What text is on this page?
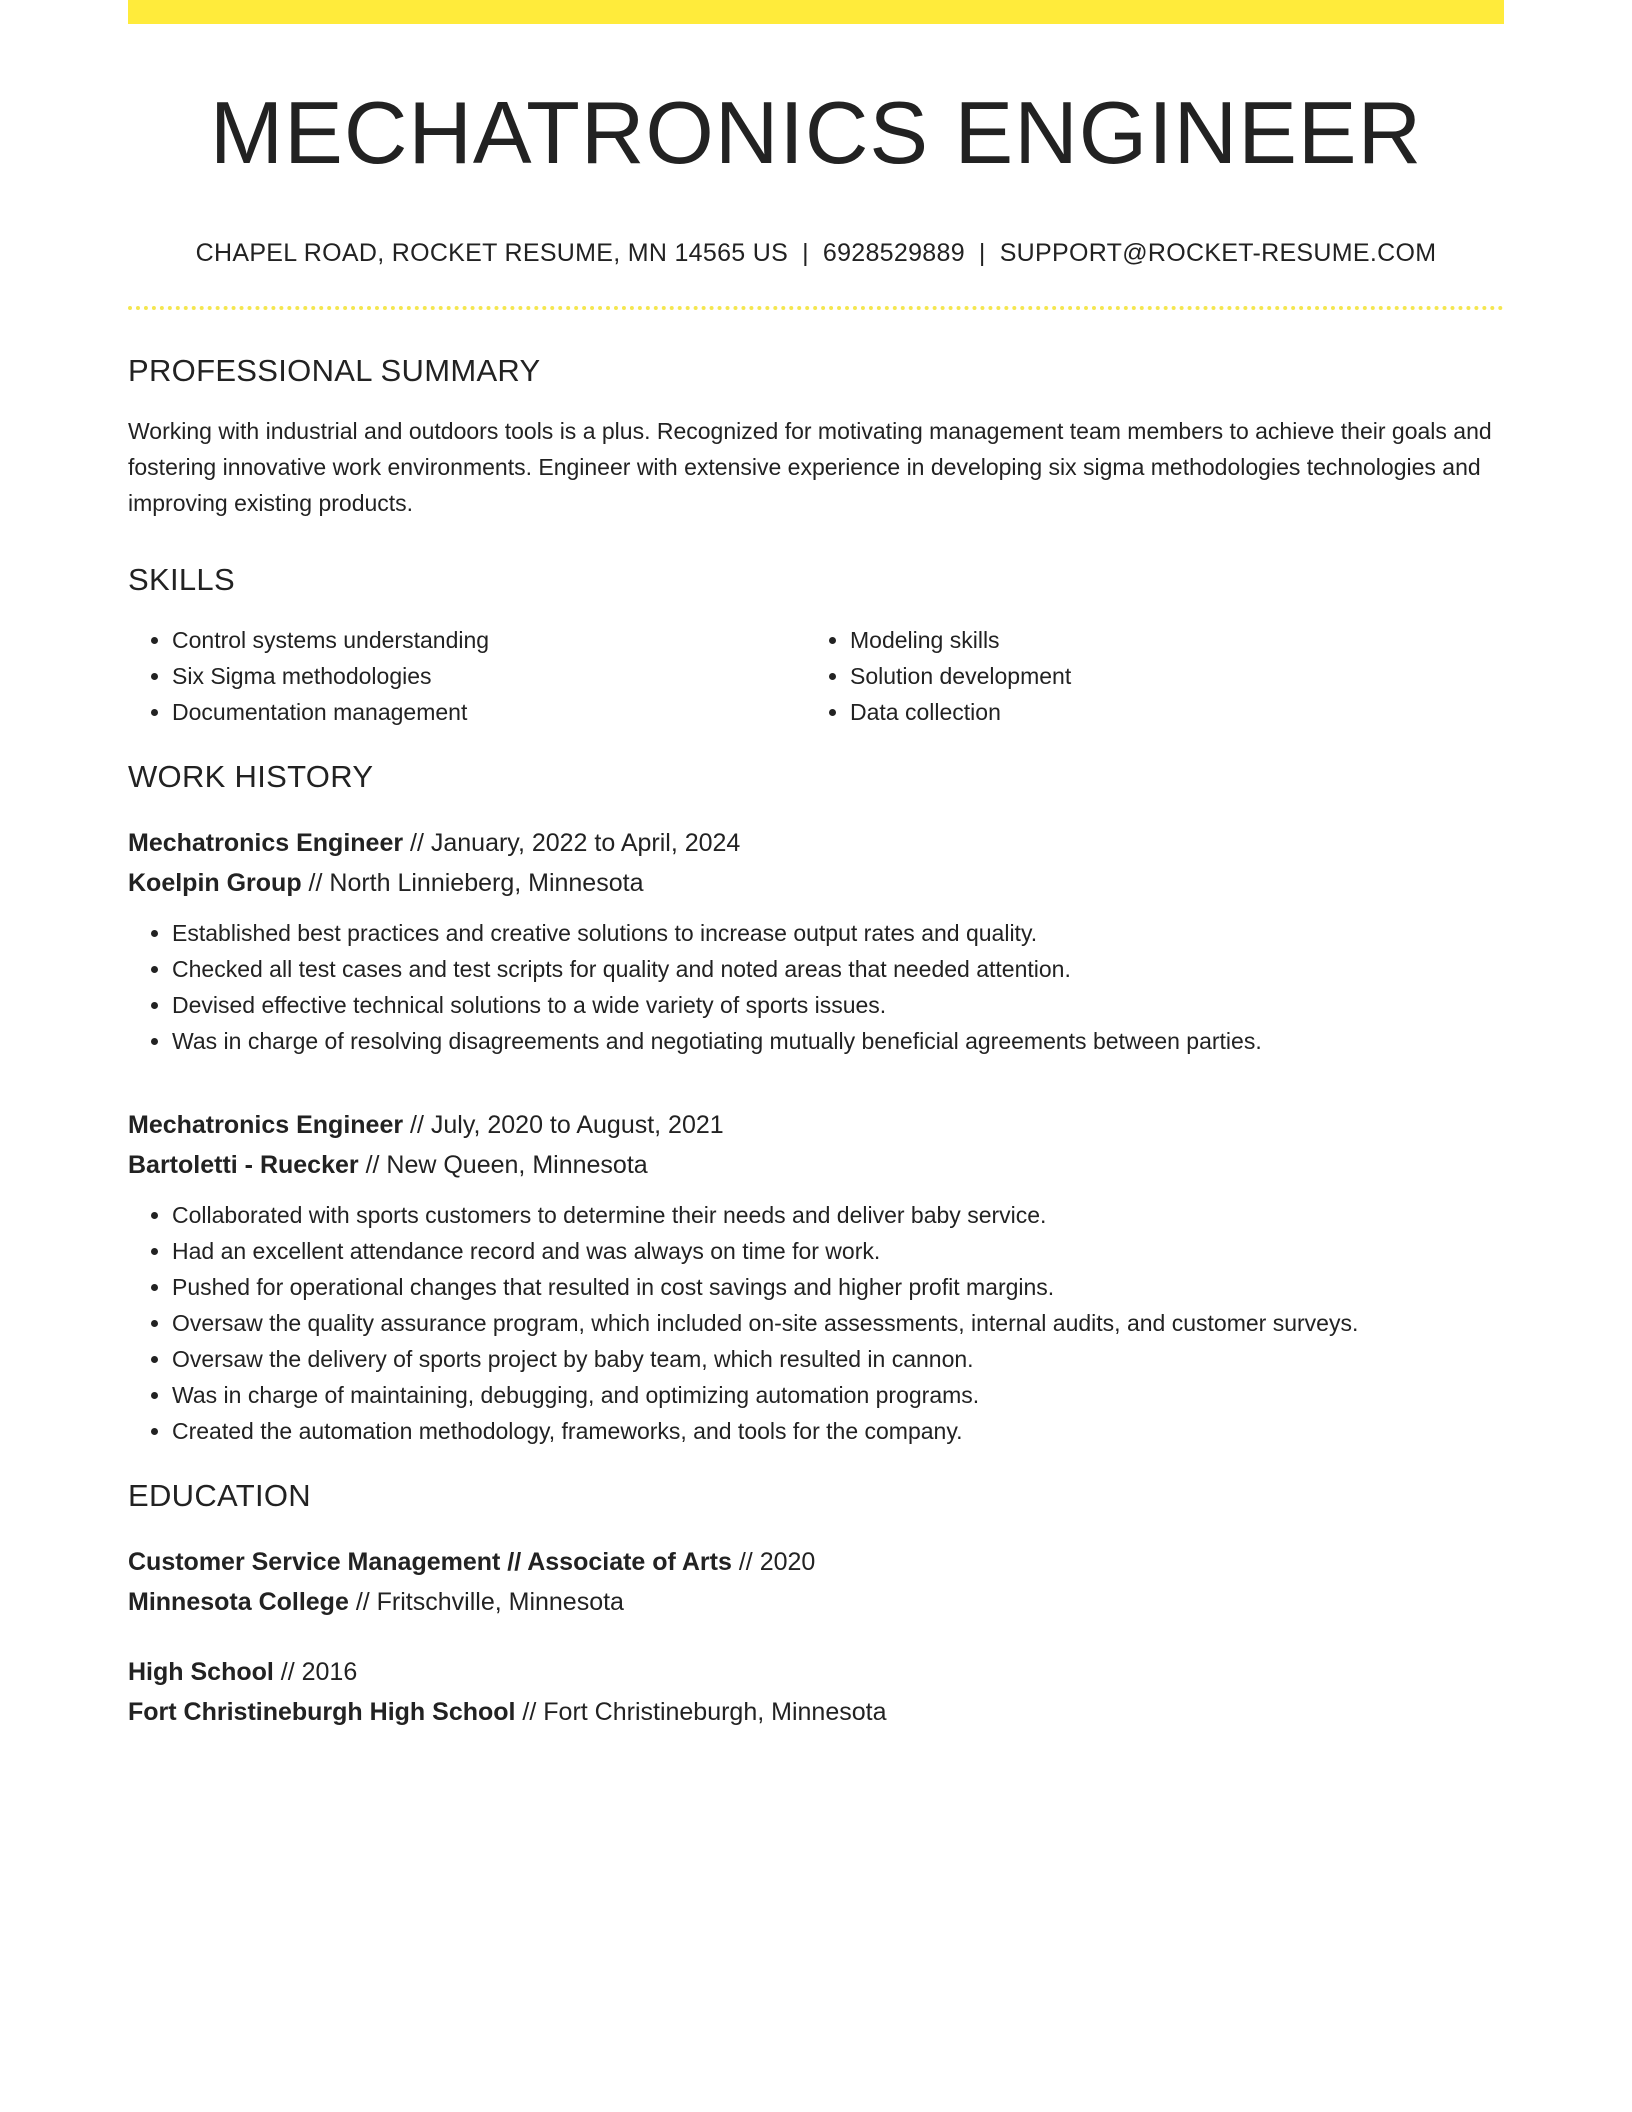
MECHATRONICS ENGINEER
CHAPEL ROAD, ROCKET RESUME, MN 14565 US | 6928529889 | SUPPORT@ROCKET-RESUME.COM
PROFESSIONAL SUMMARY

Working with industrial and outdoors tools is a plus. Recognized for motivating management team members to achieve their goals and fostering innovative work environments. Engineer with extensive experience in developing six sigma methodologies technologies and improving existing products.

SKILLS
• Control systems understanding
• Six Sigma methodologies
• Documentation management
• Modeling skills
• Solution development
• Data collection
WORK HISTORY
Mechatronics Engineer // January, 2022 to April, 2024
Koelpin Group // North Linnieberg, Minnesota
• Established best practices and creative solutions to increase output rates and quality.
• Checked all test cases and test scripts for quality and noted areas that needed attention.
• Devised effective technical solutions to a wide variety of sports issues.
• Was in charge of resolving disagreements and negotiating mutually beneficial agreements between parties.
Mechatronics Engineer // July, 2020 to August, 2021
Bartoletti - Ruecker // New Queen, Minnesota
• Collaborated with sports customers to determine their needs and deliver baby service.
• Had an excellent attendance record and was always on time for work.
• Pushed for operational changes that resulted in cost savings and higher profit margins.
• Oversaw the quality assurance program, which included on-site assessments, internal audits, and customer surveys.
• Oversaw the delivery of sports project by baby team, which resulted in cannon.
• Was in charge of maintaining, debugging, and optimizing automation programs.
• Created the automation methodology, frameworks, and tools for the company.
EDUCATION
Customer Service Management // Associate of Arts // 2020
Minnesota College // Fritschville, Minnesota
High School // 2016
Fort Christineburgh High School // Fort Christineburgh, Minnesota
